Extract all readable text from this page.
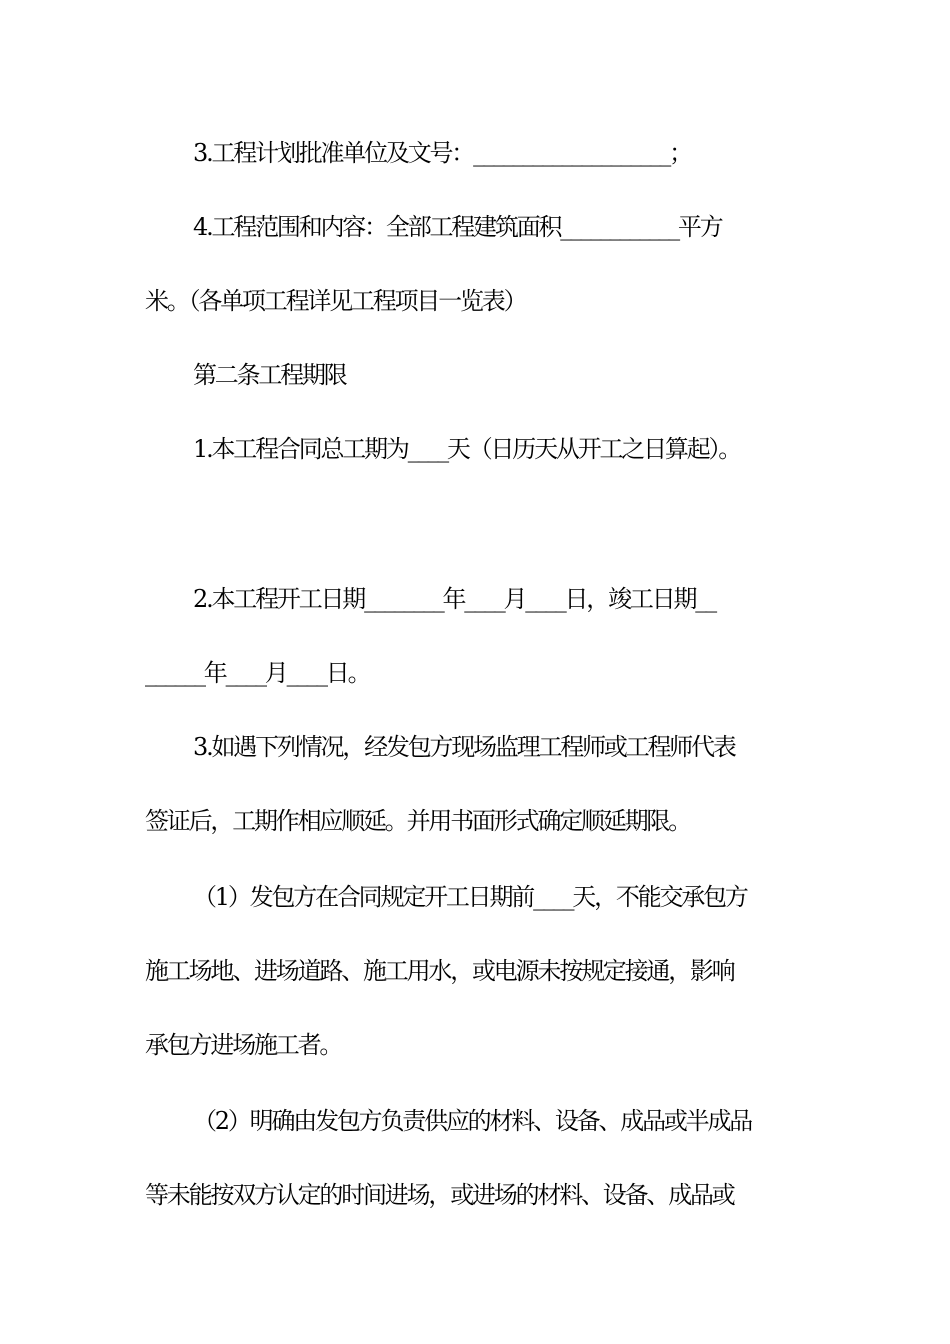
3.工程计划批准单位及文号：____________________；
4.工程范围和内容：全部工程建筑面积____________平方
米。（各单项工程详见工程项目一览表）
第二条工程期限
1.本工程合同总工期为____天（日历天从开工之日算起）。
2.本工程开工日期________年____月____日，竣工日期__
______年____月____日。
3.如遇下列情况，经发包方现场监理工程师或工程师代表
签证后，工期作相应顺延。并用书面形式确定顺延期限。
（1）发包方在合同规定开工日期前____天，不能交承包方
施工场地、进场道路、施工用水，或电源未按规定接通，影响
承包方进场施工者。
（2）明确由发包方负责供应的材料、设备、成品或半成品
等未能按双方认定的时间进场，或进场的材料、设备、成品或
